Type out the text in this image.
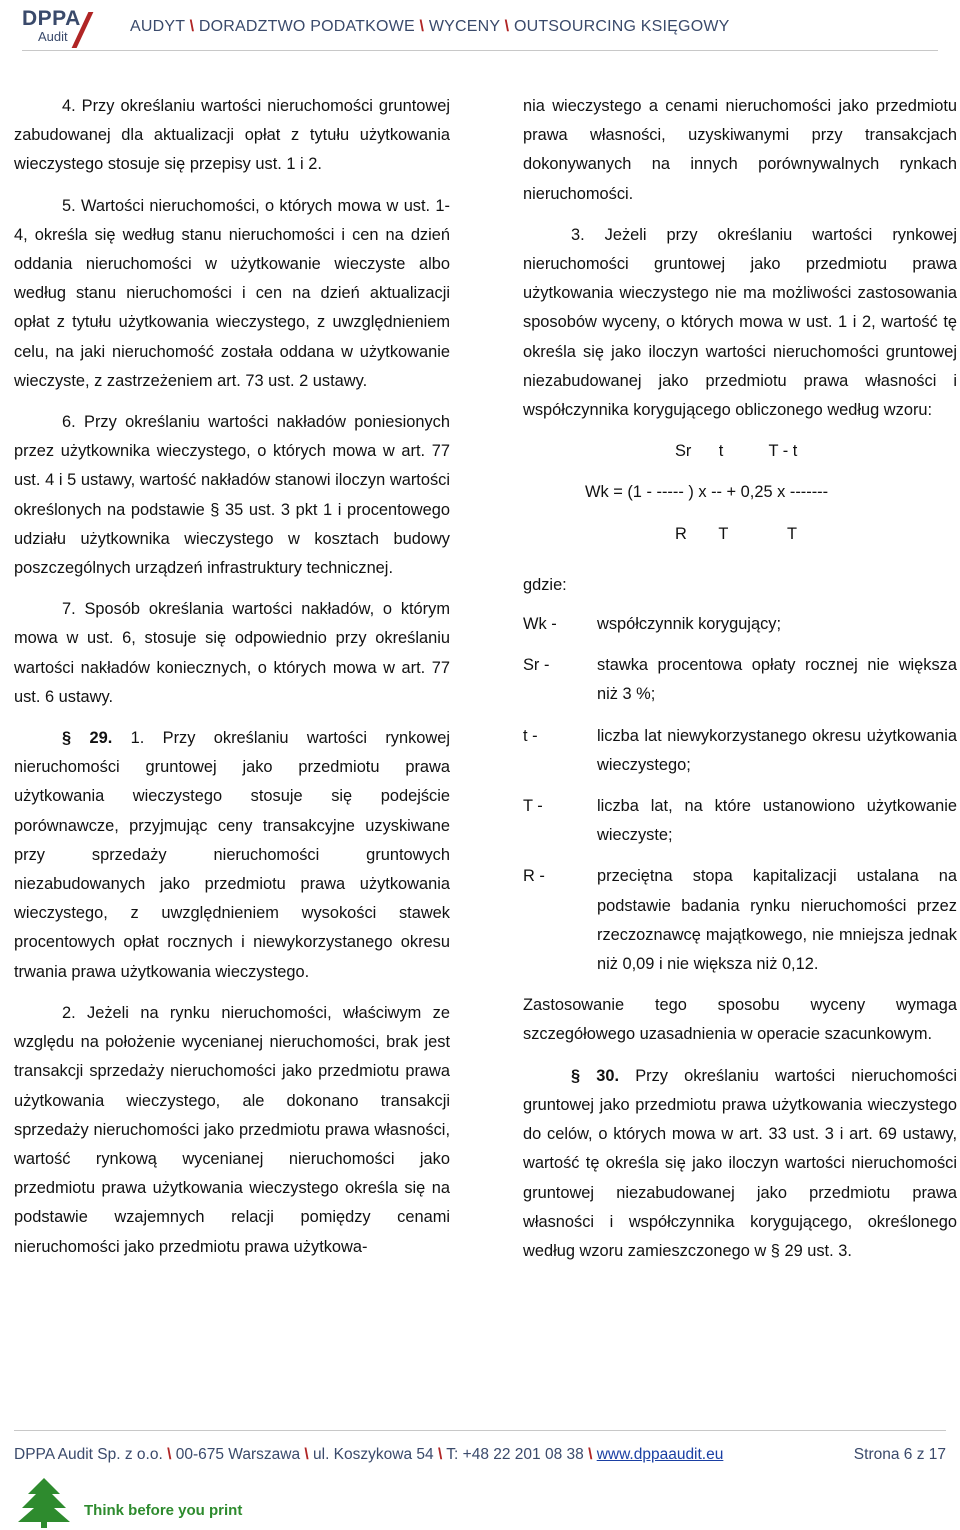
DPPA
Audit
AUDYT \ DORADZTWO PODATKOWE \ WYCENY \ OUTSOURCING KSIĘGOWY

4. Przy określaniu wartości nieruchomości gruntowej zabudowanej dla aktualizacji opłat z tytułu użytkowania wieczystego stosuje się przepisy ust. 1 i 2.

5. Wartości nieruchomości, o których mowa w ust. 1-4, określa się według stanu nieruchomości i cen na dzień oddania nieruchomości w użytkowanie wieczyste albo według stanu nieruchomości i cen na dzień aktualizacji opłat z tytułu użytkowania wieczystego, z uwzględnieniem celu, na jaki nieruchomość została oddana w użytkowanie wieczyste, z zastrzeżeniem art. 73 ust. 2 ustawy.

6. Przy określaniu wartości nakładów poniesionych przez użytkownika wieczystego, o których mowa w art. 77 ust. 4 i 5 ustawy, wartość nakładów stanowi iloczyn wartości określonych na podstawie § 35 ust. 3 pkt 1 i procentowego udziału użytkownika wieczystego w kosztach budowy poszczególnych urządzeń infrastruktury technicznej.

7. Sposób określania wartości nakładów, o którym mowa w ust. 6, stosuje się odpowiednio przy określaniu wartości nakładów koniecznych, o których mowa w art. 77 ust. 6 ustawy.

§ 29. 1. Przy określaniu wartości rynkowej nieruchomości gruntowej jako przedmiotu prawa użytkowania wieczystego stosuje się podejście porównawcze, przyjmując ceny transakcyjne uzyskiwane przy sprzedaży nieruchomości gruntowych niezabudowanych jako przedmiotu prawa użytkowania wieczystego, z uwzględnieniem wysokości stawek procentowych opłat rocznych i niewykorzystanego okresu trwania prawa użytkowania wieczystego.

2. Jeżeli na rynku nieruchomości, właściwym ze względu na położenie wycenianej nieruchomości, brak jest transakcji sprzedaży nieruchomości jako przedmiotu prawa użytkowania wieczystego, ale dokonano transakcji sprzedaży nieruchomości jako przedmiotu prawa własności, wartość rynkową wycenianej nieruchomości jako przedmiotu prawa użytkowania wieczystego określa się na podstawie wzajemnych relacji pomiędzy cenami nieruchomości jako przedmiotu prawa użytkowa-

nia wieczystego a cenami nieruchomości jako przedmiotu prawa własności, uzyskiwanymi przy transakcjach dokonywanych na innych porównywalnych rynkach nieruchomości.

3. Jeżeli przy określaniu wartości rynkowej nieruchomości gruntowej jako przedmiotu prawa użytkowania wieczystego nie ma możliwości zastosowania sposobów wyceny, o których mowa w ust. 1 i 2, wartość tę określa się jako iloczyn wartości nieruchomości gruntowej niezabudowanej jako przedmiotu prawa własności i współczynnika korygującego obliczonego według wzoru:

Sr      t          T - t
Wk = (1 - ----- ) x -- + 0,25 x -------
R       T             T
gdzie:
Wk -	współczynnik korygujący;
Sr -	stawka procentowa opłaty rocznej nie większa niż 3 %;
t -	liczba lat niewykorzystanego okresu użytkowania wieczystego;
T -	liczba lat, na które ustanowiono użytkowanie wieczyste;
R -	przeciętna stopa kapitalizacji ustalana na podstawie badania rynku nieruchomości przez rzeczoznawcę majątkowego, nie mniejsza jednak niż 0,09 i nie większa niż 0,12.

Zastosowanie tego sposobu wyceny wymaga szczegółowego uzasadnienia w operacie szacunkowym.

§ 30. Przy określaniu wartości nieruchomości gruntowej jako przedmiotu prawa użytkowania wieczystego do celów, o których mowa w art. 33 ust. 3 i art. 69 ustawy, wartość tę określa się jako iloczyn wartości nieruchomości gruntowej niezabudowanej jako przedmiotu prawa własności i współczynnika korygującego, określonego według wzoru zamieszczonego w § 29 ust. 3.

DPPA Audit Sp. z o.o. \ 00-675 Warszawa \ ul. Koszykowa 54 \ T: +48 22 201 08 38 \ www.dppaaudit.eu	Strona 6 z 17
Think before you print
